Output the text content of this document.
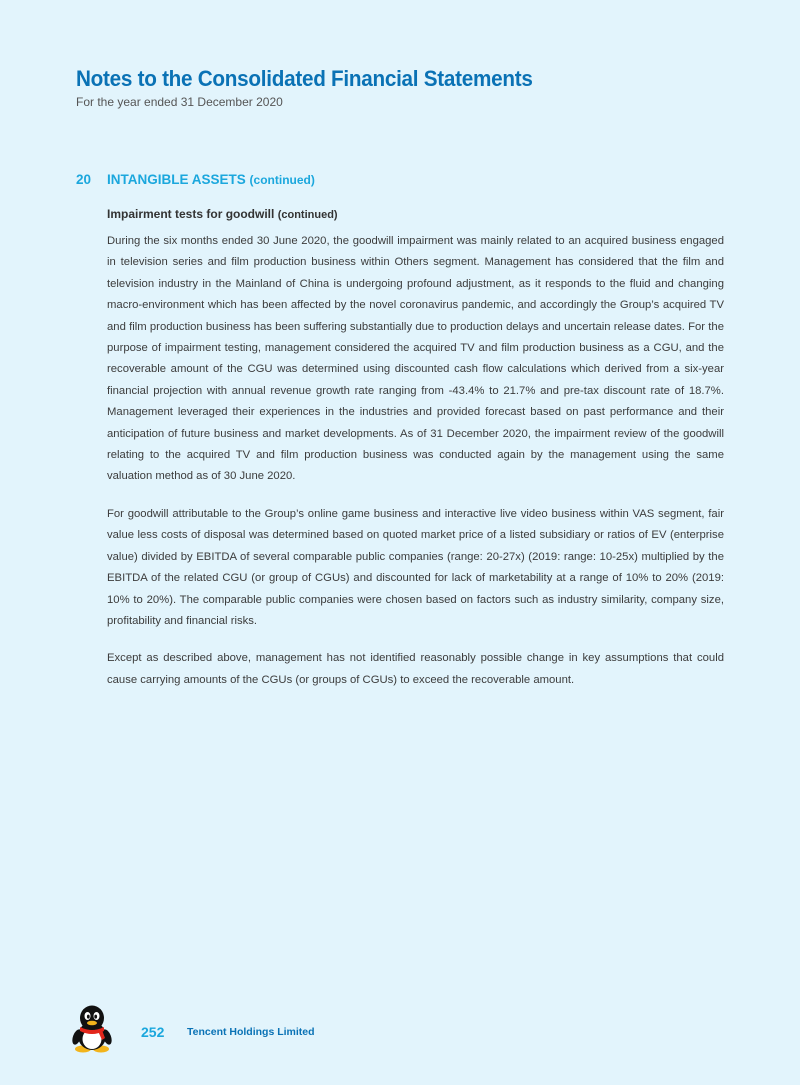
Notes to the Consolidated Financial Statements
For the year ended 31 December 2020
20 INTANGIBLE ASSETS (continued)
Impairment tests for goodwill (continued)

During the six months ended 30 June 2020, the goodwill impairment was mainly related to an acquired business engaged in television series and film production business within Others segment. Management has considered that the film and television industry in the Mainland of China is undergoing profound adjustment, as it responds to the fluid and changing macro-environment which has been affected by the novel coronavirus pandemic, and accordingly the Group’s acquired TV and film production business has been suffering substantially due to production delays and uncertain release dates. For the purpose of impairment testing, management considered the acquired TV and film production business as a CGU, and the recoverable amount of the CGU was determined using discounted cash flow calculations which derived from a six-year financial projection with annual revenue growth rate ranging from -43.4% to 21.7% and pre-tax discount rate of 18.7%. Management leveraged their experiences in the industries and provided forecast based on past performance and their anticipation of future business and market developments. As of 31 December 2020, the impairment review of the goodwill relating to the acquired TV and film production business was conducted again by the management using the same valuation method as of 30 June 2020.

For goodwill attributable to the Group’s online game business and interactive live video business within VAS segment, fair value less costs of disposal was determined based on quoted market price of a listed subsidiary or ratios of EV (enterprise value) divided by EBITDA of several comparable public companies (range: 20-27x) (2019: range: 10-25x) multiplied by the EBITDA of the related CGU (or group of CGUs) and discounted for lack of marketability at a range of 10% to 20% (2019: 10% to 20%). The comparable public companies were chosen based on factors such as industry similarity, company size, profitability and financial risks.

Except as described above, management has not identified reasonably possible change in key assumptions that could cause carrying amounts of the CGUs (or groups of CGUs) to exceed the recoverable amount.

252 Tencent Holdings Limited
